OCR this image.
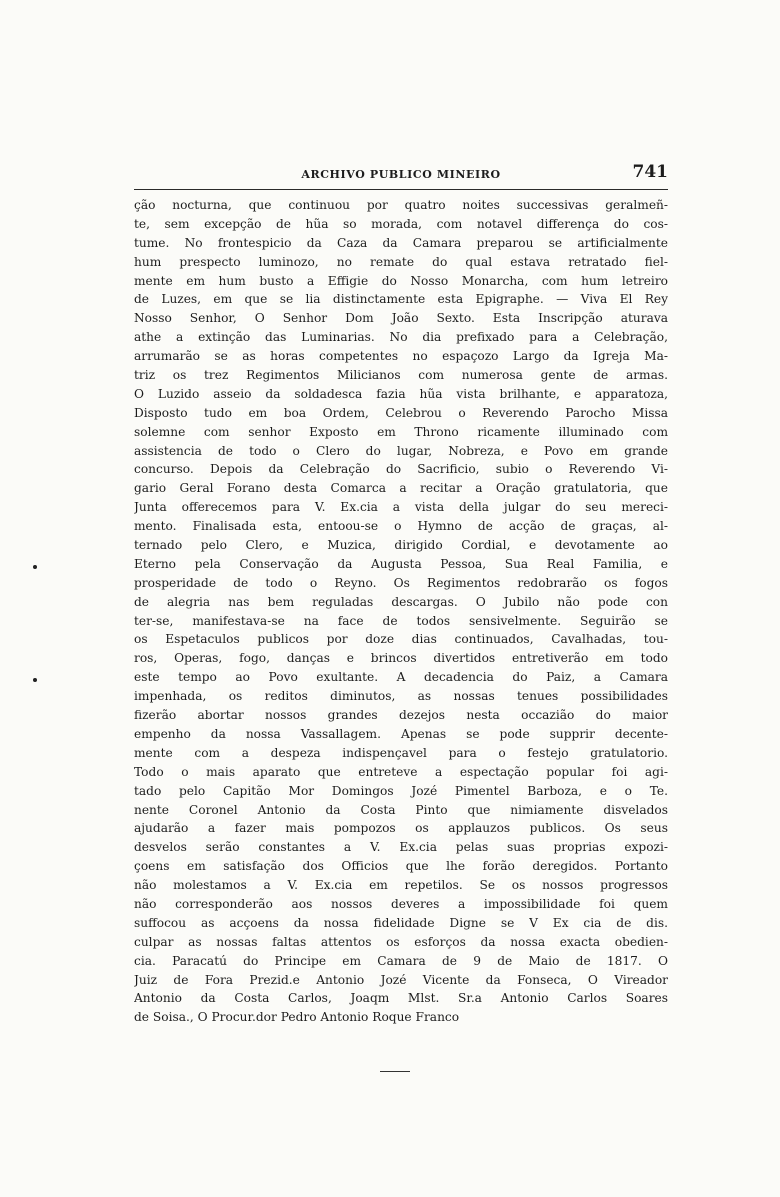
ARCHIVO PUBLICO MINEIRO	741
ção nocturna, que continuou por quatro noites successivas geralmeñ-
te, sem excepção de hũa so morada, com notavel differença do cos-
tume. No frontespicio da Caza da Camara preparou se artificialmente
hum prespecto luminozo, no remate do qual estava retratado fiel-
mente em hum busto a Effigie do Nosso Monarcha, com hum letreiro
de Luzes, em que se lia distinctamente esta Epigraphe. — Viva El Rey
Nosso Senhor, O Senhor Dom João Sexto. Esta Inscripção aturava
athe a extinção das Luminarias. No dia prefixado para a Celebração,
arrumarão se as horas competentes no espaçozo Largo da Igreja Ma-
triz os trez Regimentos Milicianos com numerosa gente de armas.
O Luzido asseio da soldadesca fazia hũa vista brilhante, e apparatoza,
Disposto tudo em boa Ordem, Celebrou o Reverendo Parocho Missa
solemne com senhor Exposto em Throno ricamente illuminado com
assistencia de todo o Clero do lugar, Nobreza, e Povo em grande
concurso. Depois da Celebração do Sacrificio, subio o Reverendo Vi-
gario Geral Forano desta Comarca a recitar a Oração gratulatoria, que
Junta offerecemos para V. Ex.cia a vista della julgar do seu mereci-
mento. Finalisada esta, entoou-se o Hymno de acção de graças, al-
ternado pelo Clero, e Muzica, dirigido Cordial, e devotamente ao
Eterno pela Conservação da Augusta Pessoa, Sua Real Familia, e
prosperidade de todo o Reyno. Os Regimentos redobrarão os fogos
de alegria nas bem reguladas descargas. O Jubilo não pode con
ter-se, manifestava-se na face de todos sensivelmente. Seguirão se
os Espetaculos publicos por doze dias continuados, Cavalhadas, tou-
ros, Operas, fogo, danças e brincos divertidos entretiverão em todo
este tempo ao Povo exultante. A decadencia do Paiz, a Camara
impenhada, os reditos diminutos, as nossas tenues possibilidades
fizerão abortar nossos grandes dezejos nesta occazião do maior
empenho da nossa Vassallagem. Apenas se pode supprir decente-
mente com a despeza indispençavel para o festejo gratulatorio.
Todo o mais aparato que entreteve a espectação popular foi agi-
tado pelo Capitão Mor Domingos Jozé Pimentel Barboza, e o Te.
nente Coronel Antonio da Costa Pinto que nimiamente disvelados
ajudarão a fazer mais pompozos os applauzos publicos. Os seus
desvelos serão constantes a V. Ex.cia pelas suas proprias expozi-
çoens em satisfação dos Officios que lhe forão deregidos. Portanto
não molestamos a V. Ex.cia em repetilos. Se os nossos progressos
não corresponderão aos nossos deveres a impossibilidade foi quem
suffocou as acçoens da nossa fidelidade Digne se V Ex cia de dis.
culpar as nossas faltas attentos os esforços da nossa exacta obedien-
cia. Paracatú do Principe em Camara de 9 de Maio de 1817. O
Juiz de Fora Prezid.e Antonio Jozé Vicente da Fonseca, O Vireador
Antonio da Costa Carlos, Joaqm Mlst. Sr.a Antonio Carlos Soares
de Soisa., O Procur.dor Pedro Antonio Roque Franco
